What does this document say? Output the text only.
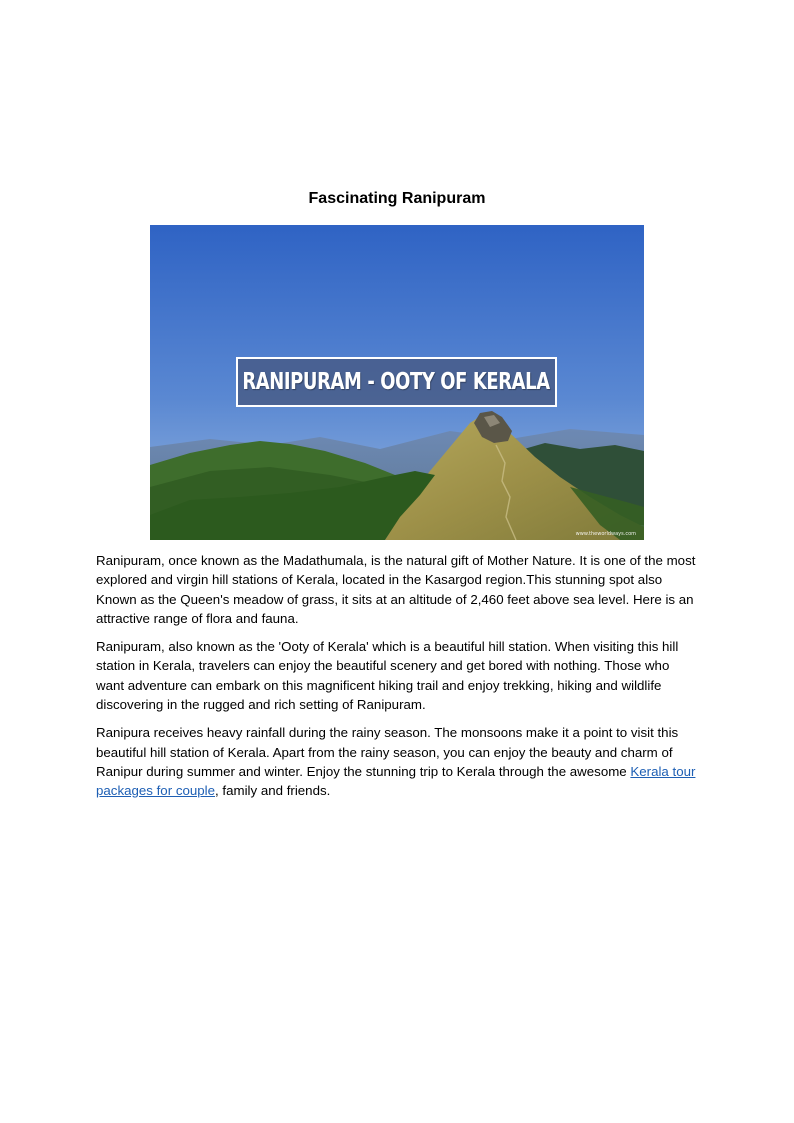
Fascinating Ranipuram
RANIPURAM - OOTY OF KERALA
www.theworldways.com

Ranipuram, once known as the Madathumala, is the natural gift of Mother Nature. It is one of the most explored and virgin hill stations of Kerala, located in the Kasargod region.This stunning spot also Known as the Queen's meadow of grass, it sits at an altitude of 2,460 feet above sea level. Here is an attractive range of flora and fauna.

Ranipuram, also known as the 'Ooty of Kerala' which is a beautiful hill station. When visiting this hill station in Kerala, travelers can enjoy the beautiful scenery and get bored with nothing. Those who want adventure can embark on this magnificent hiking trail and enjoy trekking, hiking and wildlife discovering in the rugged and rich setting of Ranipuram.

Ranipura receives heavy rainfall during the rainy season. The monsoons make it a point to visit this beautiful hill station of Kerala. Apart from the rainy season, you can enjoy the beauty and charm of Ranipur during summer and winter. Enjoy the stunning trip to Kerala through the awesome Kerala tour packages for couple, family and friends.
